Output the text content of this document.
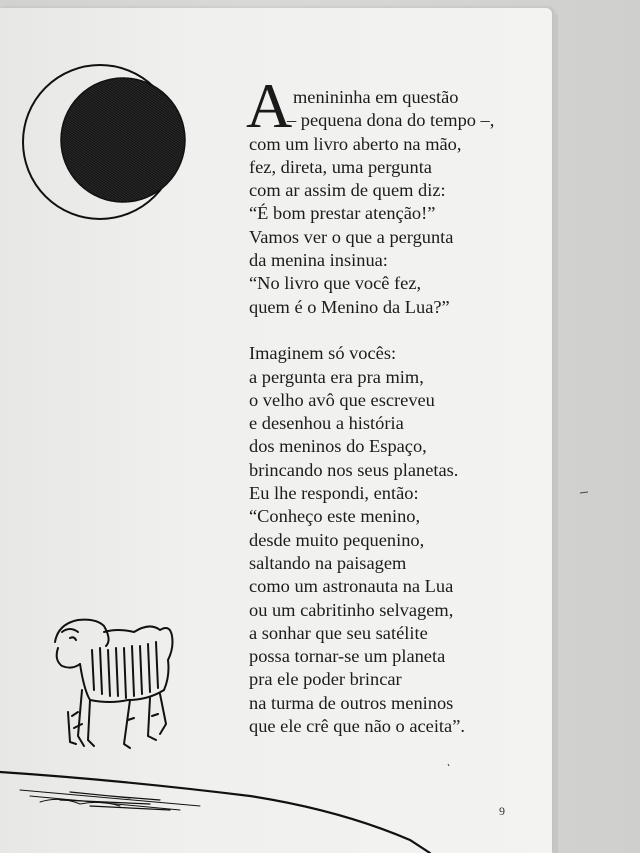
A menininha em questão
– pequena dona do tempo –,
com um livro aberto na mão,
fez, direta, uma pergunta
com ar assim de quem diz:
“É bom prestar atenção!”
Vamos ver o que a pergunta
da menina insinua:
“No livro que você fez,
quem é o Menino da Lua?”
Imaginem só vocês:
a pergunta era pra mim,
o velho avô que escreveu
e desenhou a história
dos meninos do Espaço,
brincando nos seus planetas.
Eu lhe respondi, então:
“Conheço este menino,
desde muito pequenino,
saltando na paisagem
como um astronauta na Lua
ou um cabritinho selvagem,
a sonhar que seu satélite
possa tornar-se um planeta
pra ele poder brincar
na turma de outros meninos
que ele crê que não o aceita”.
9
